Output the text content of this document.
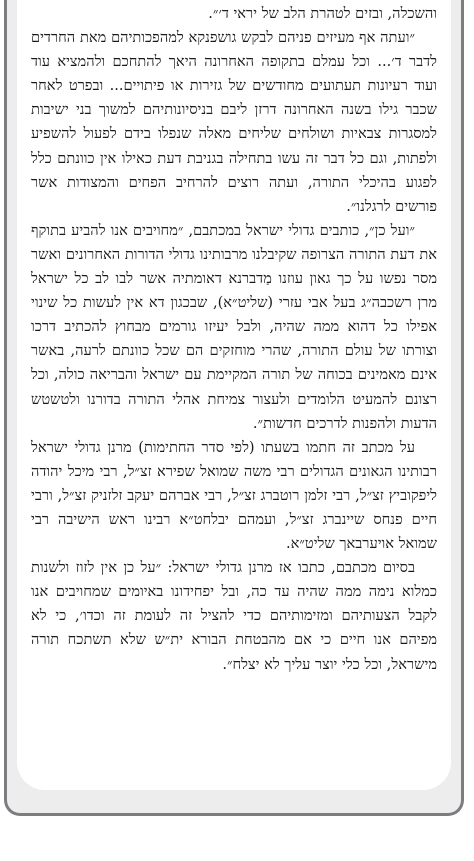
והשכלה, ובזים לטהרת הלב של יראי ד׳״.

״ועתה אף מעיזים פניהם לבקש גושפנקא למהפכותיהם מאת החרדים לדבר ד׳... וכל עמלם בתקופה האחרונה היאך להתחכם ולהמציא עוד ועוד רעיונות תעתועים מחודשים של גזירות או פיתויים... ובפרט לאחר שכבר גילו בשנה האחרונה דרזן ליבם בניסיונותיהם למשוך בני ישיבות למסגרות צבאיות ושולחים שליחים מאלה שנפלו בידם לפעול להשפיע ולפתות, וגם כל דבר זה עשו בתחילה בגניבת דעת כאילו אין כוונתם כלל לפגוע בהיכלי התורה, ועתה רוצים להרחיב הפחים והמצודות אשר פורשים לרגלנו״.

״ועל כן״, כותבים גדולי ישראל במכתבם, ״מחויבים אנו להביע בתוקף את דעת התורה הצרופה שקיבלנו מרבותינו גדולי הדורות האחרונים ואשר מסר נפשו על כך גאון עוזנו מַדברנא דאומתיה אשר לבו לב כל ישראל מרן רשכבה״ג בעל אבי עזרי (שליט״א), שבכגון דא אין לעשות כל שינוי אפילו כל דהוא ממה שהיה, ולבל יעיזו גורמים מבחוץ להכתיב דרכו וצורתו של עולם התורה, שהרי מוחזקים הם שכל כוונתם לרעה, באשר אינם מאמינים בכוחה של תורה המקיימת עם ישראל והבריאה כולה, וכל רצונם להמעיט הלומדים ולעצור צמיחת אהלי התורה בדורנו ולטשטש הדעות ולהפנות לדרכים חדשות״.

על מכתב זה חתמו בשעתו (לפי סדר החתימות) מרנן גדולי ישראל רבותינו הגאונים הגדולים רבי משה שמואל שפירא זצ״ל, רבי מיכל יהודה ליפקוביץ זצ״ל, רבי זלמן רוטברג זצ״ל, רבי אברהם יעקב זלזניק זצ״ל, ורבי חיים פנחס שיינברג זצ״ל, ועמהם יבלחט״א רבינו ראש הישיבה רבי שמואל אויערבאך שליט״א.

בסיום מכתבם, כתבו אז מרנן גדולי ישראל: ״על כן אין לזוז ולשנות כמלוא נימה ממה שהיה עד כה, ובל יפחידונו באיומים שמחויבים אנו לקבל הצעותיהם ומזימותיהם כדי להציל זה לעומת זה וכדו׳, כי לא מפיהם אנו חיים כי אם מהבטחת הבורא ית״ש שלא תשתכח תורה מישראל, וכל כלי יוצר עליך לא יצלח״.
